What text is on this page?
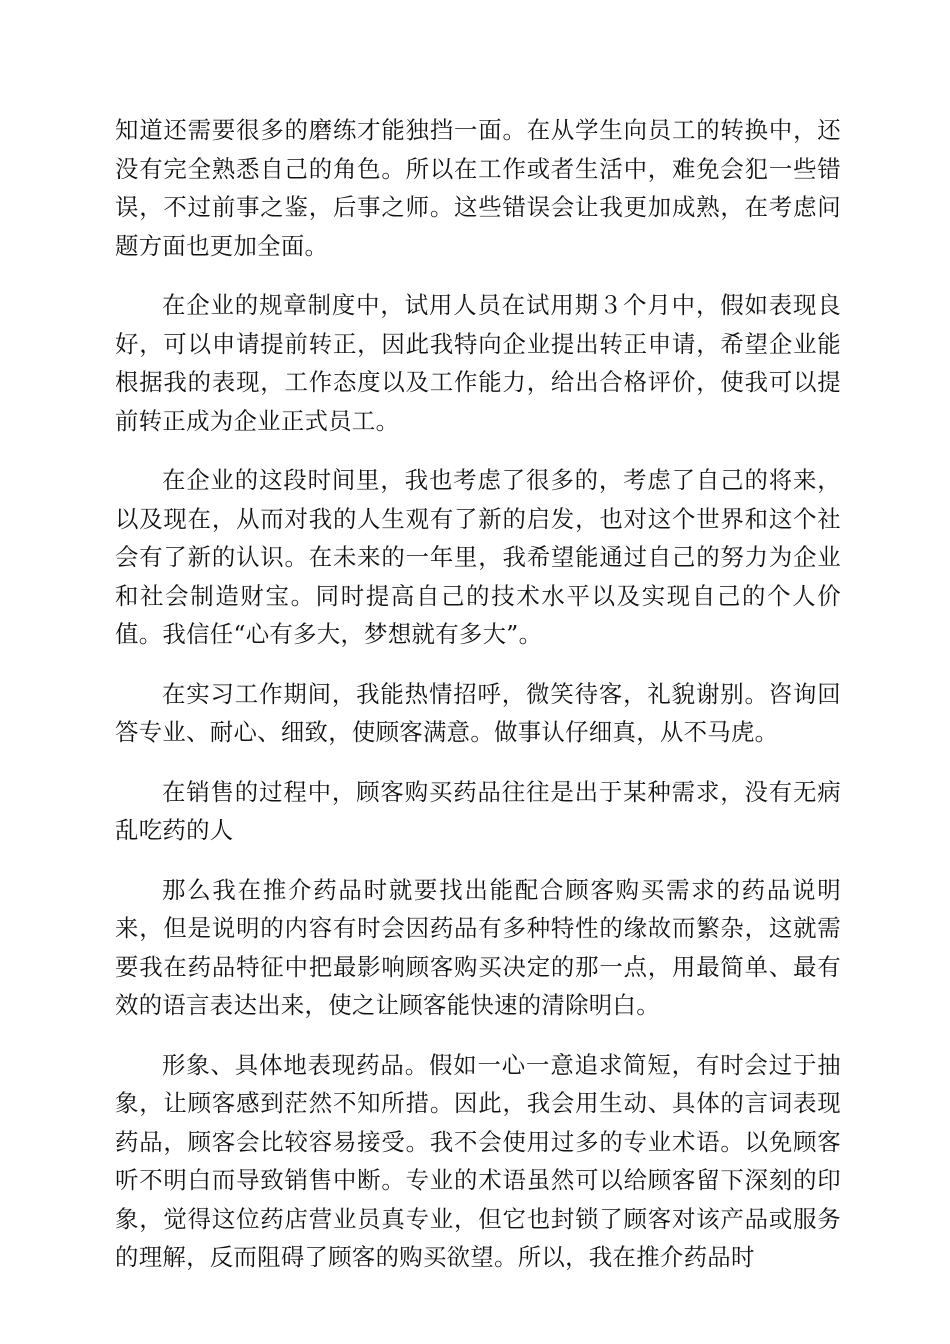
知道还需要很多的磨练才能独挡一面。在从学生向员工的转换中，还没有完全熟悉自己的角色。所以在工作或者生活中，难免会犯一些错误，不过前事之鉴，后事之师。这些错误会让我更加成熟，在考虑问题方面也更加全面。

在企业的规章制度中，试用人员在试用期３个月中，假如表现良好，可以申请提前转正，因此我特向企业提出转正申请，希望企业能根据我的表现，工作态度以及工作能力，给出合格评价，使我可以提前转正成为企业正式员工。

在企业的这段时间里，我也考虑了很多的，考虑了自己的将来，以及现在，从而对我的人生观有了新的启发，也对这个世界和这个社会有了新的认识。在未来的一年里，我希望能通过自己的努力为企业和社会制造财宝。同时提高自己的技术水平以及实现自己的个人价值。我信任“心有多大，梦想就有多大”。

在实习工作期间，我能热情招呼，微笑待客，礼貌谢别。咨询回答专业、耐心、细致，使顾客满意。做事认仔细真，从不马虎。

在销售的过程中，顾客购买药品往往是出于某种需求，没有无病乱吃药的人

那么我在推介药品时就要找出能配合顾客购买需求的药品说明来，但是说明的内容有时会因药品有多种特性的缘故而繁杂，这就需要我在药品特征中把最影响顾客购买决定的那一点，用最简单、最有效的语言表达出来，使之让顾客能快速的清除明白。

形象、具体地表现药品。假如一心一意追求简短，有时会过于抽象，让顾客感到茫然不知所措。因此，我会用生动、具体的言词表现药品，顾客会比较容易接受。我不会使用过多的专业术语。以免顾客听不明白而导致销售中断。专业的术语虽然可以给顾客留下深刻的印象，觉得这位药店营业员真专业，但它也封锁了顾客对该产品或服务的理解，反而阻碍了顾客的购买欲望。所以，我在推介药品时
